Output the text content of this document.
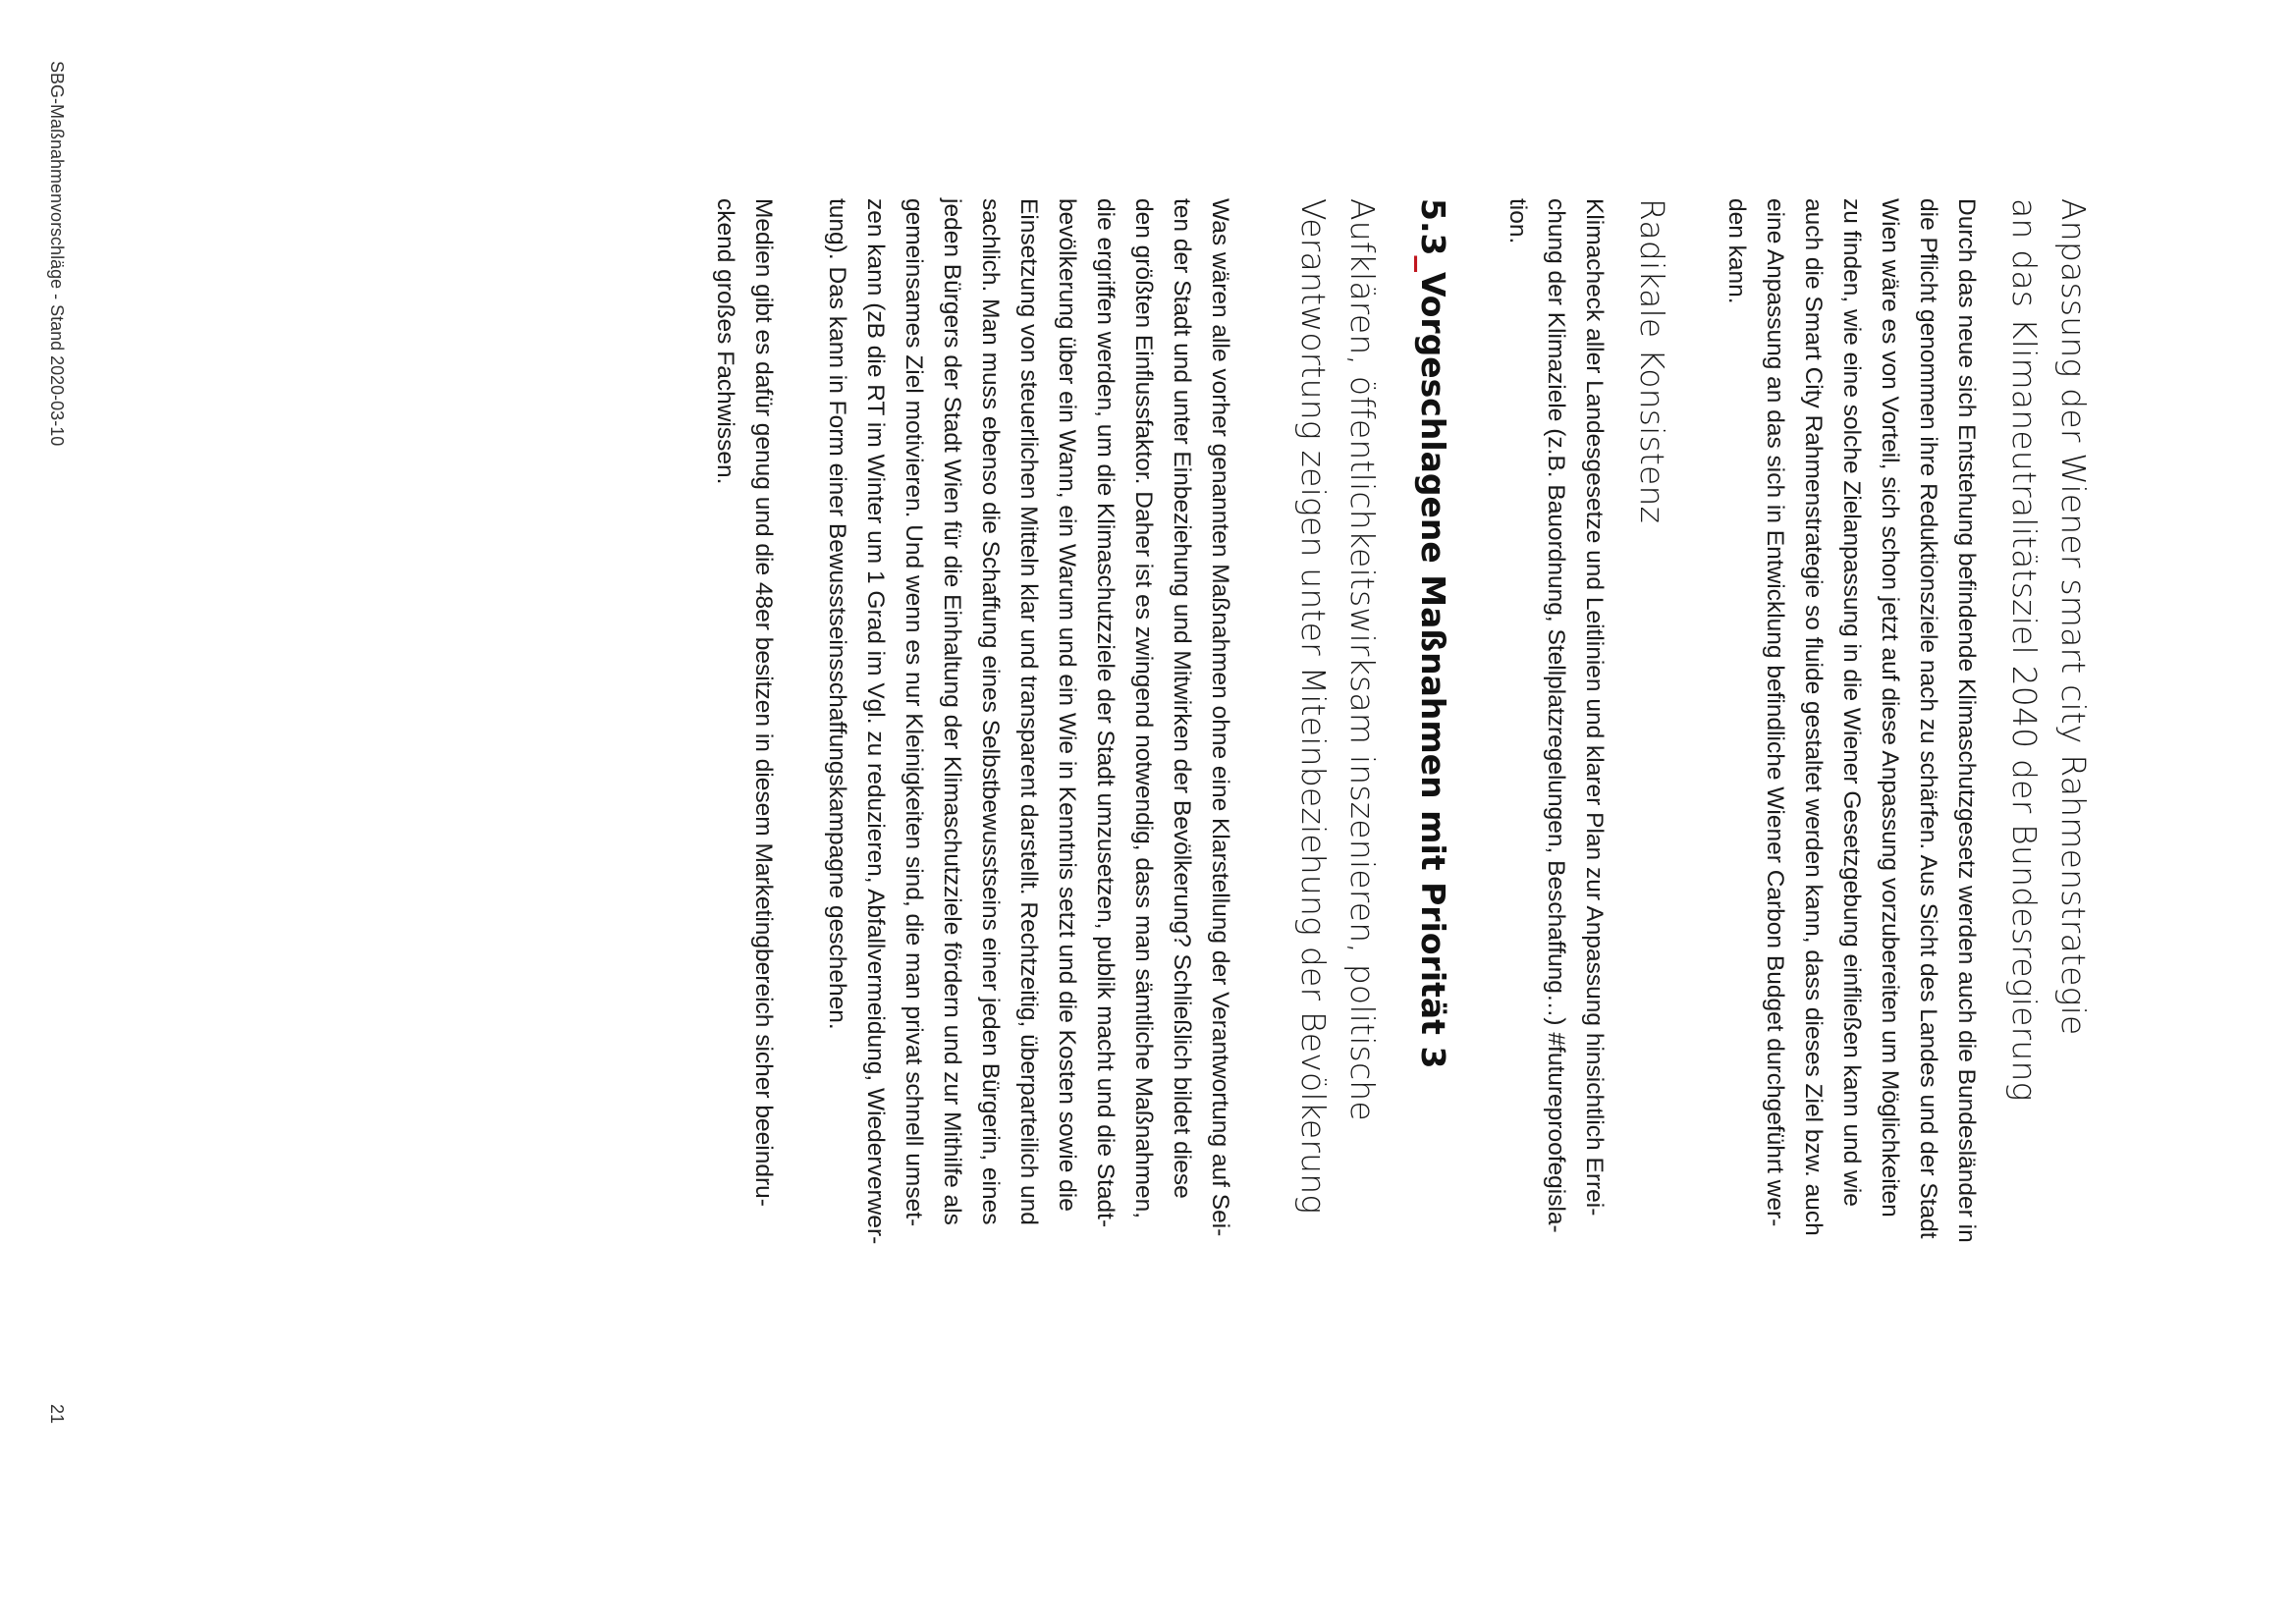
Anpassung der Wiener smart city Rahmenstrategie
an das Klimaneutralitätsziel 2040 der Bundesregierung

Durch das neue sich Entstehung befindende Klimaschutzgesetz werden auch die Bundesländer in
die Pflicht genommen ihre Reduktionsziele nach zu schärfen. Aus Sicht des Landes und der Stadt
Wien wäre es von Vorteil, sich schon jetzt auf diese Anpassung vorzubereiten um Möglichkeiten
zu finden, wie eine solche Zielanpassung in die Wiener Gesetzgebung einfließen kann und wie
auch die Smart City Rahmenstrategie so fluide gestaltet werden kann, dass dieses Ziel bzw. auch
eine Anpassung an das sich in Entwicklung befindliche Wiener Carbon Budget durchgeführt wer-
den kann.

Radikale Konsistenz

Klimacheck aller Landesgesetze und Leitlinien und klarer Plan zur Anpassung hinsichtlich Errei-
chung der Klimaziele (z.B. Bauordnung, Stellplatzregelungen, Beschaffung…) #futureproofegisla-
tion.

5.3_Vorgeschlagene Maßnahmen mit Priorität 3
Aufklären, öffentlichkeitswirksam inszenieren, politische
Verantwortung zeigen unter Miteinbeziehung der Bevölkerung

Was wären alle vorher genannten Maßnahmen ohne eine Klarstellung der Verantwortung auf Sei-
ten der Stadt und unter Einbeziehung und Mitwirken der Bevölkerung? Schließlich bildet diese
den größten Einflussfaktor. Daher ist es zwingend notwendig, dass man sämtliche Maßnahmen,
die ergriffen werden, um die Klimaschutzziele der Stadt umzusetzen, publik macht und die Stadt-
bevölkerung über ein Wann, ein Warum und ein Wie in Kenntnis setzt und die Kosten sowie die
Einsetzung von steuerlichen Mitteln klar und transparent darstellt. Rechtzeitig, überparteilich und
sachlich. Man muss ebenso die Schaffung eines Selbstbewusstseins einer jeden Bürgerin, eines
jeden Bürgers der Stadt Wien für die Einhaltung der Klimaschutzziele fördern und zur Mithilfe als
gemeinsames Ziel motivieren. Und wenn es nur Kleinigkeiten sind, die man privat schnell umset-
zen kann (zB die RT im Winter um 1 Grad im Vgl. zu reduzieren, Abfallvermeidung, Wiederverwer-
tung). Das kann in Form einer Bewusstseinsschaffungskampagne geschehen.

Medien gibt es dafür genug und die 48er besitzen in diesem Marketingbereich sicher beeindru-
ckend großes Fachwissen.

SBG-Maßnahmenvorschläge - Stand 2020-03-10
21
